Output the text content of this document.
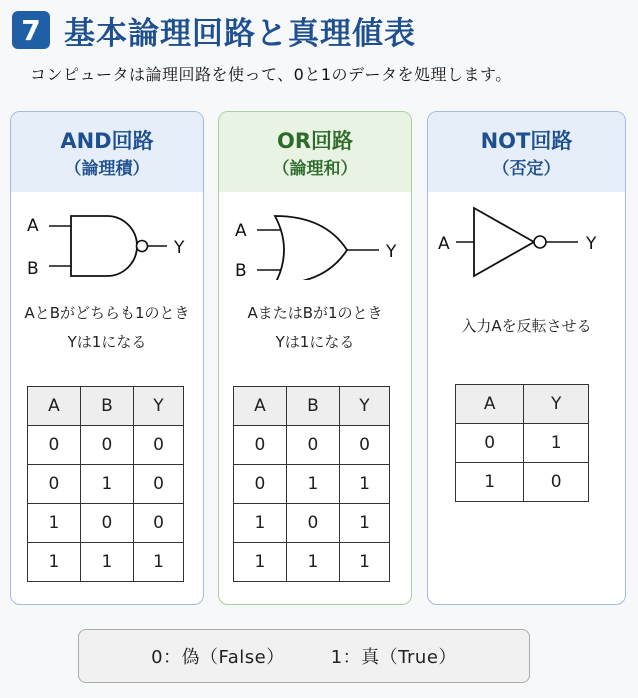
7 基本論理回路と真理値表
コンピュータは論理回路を使って、0と1のデータを処理します。
AND回路
（論理積）
A
B
Y
AとBがどちらも1のとき
Yは1になる
A	B	Y
0	0	0
0	1	0
1	0	0
1	1	1
OR回路
（論理和）
A
B
Y
AまたはBが1のとき
Yは1になる
A	B	Y
0	0	0
0	1	1
1	0	1
1	1	1
NOT回路
（否定）
A	Y
入力Aを反転させる
A	Y
0	1
1	0
0：偽（False）	1：真（True）
